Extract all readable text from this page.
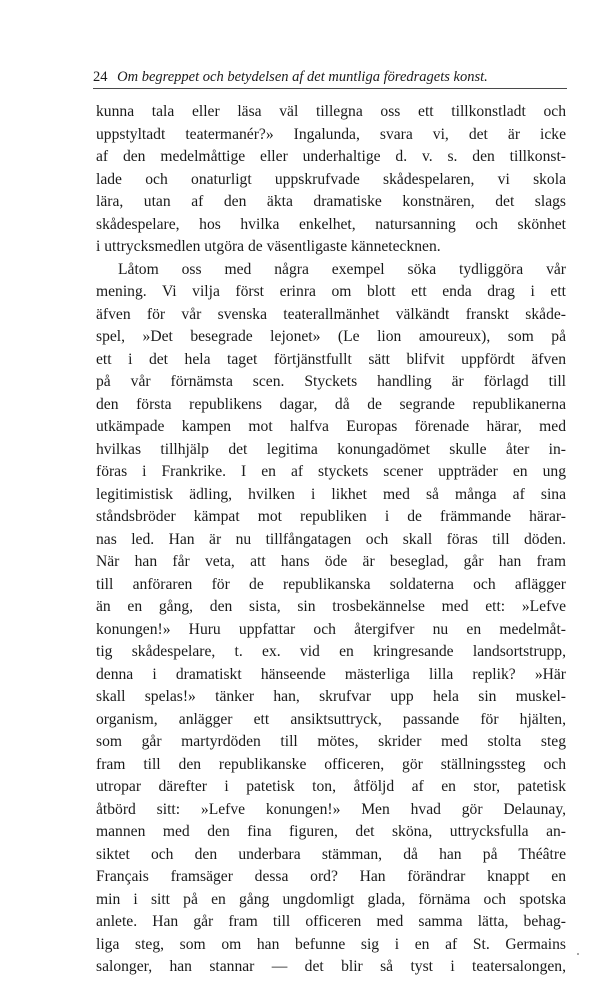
24 Om begreppet och betydelsen af det muntliga föredragets konst.
kunna tala eller läsa väl tillegna oss ett tillkonstladt och
uppstyltadt teatermanér?» Ingalunda, svara vi, det är icke
af den medelmåttige eller underhaltige d. v. s. den tillkonst-
lade och onaturligt uppskrufvade skådespelaren, vi skola
lära, utan af den äkta dramatiske konstnären, det slags
skådespelare, hos hvilka enkelhet, natursanning och skönhet
i uttrycksmedlen utgöra de väsentligaste kännetecknen.
Låtom oss med några exempel söka tydliggöra vår
mening. Vi vilja först erinra om blott ett enda drag i ett
äfven för vår svenska teaterallmänhet välkändt franskt skåde-
spel, »Det besegrade lejonet» (Le lion amoureux), som på
ett i det hela taget förtjänstfullt sätt blifvit uppfördt äfven
på vår förnämsta scen. Styckets handling är förlagd till
den första republikens dagar, då de segrande republikanerna
utkämpade kampen mot halfva Europas förenade härar, med
hvilkas tillhjälp det legitima konungadömet skulle åter in-
föras i Frankrike. I en af styckets scener uppträder en ung
legitimistisk ädling, hvilken i likhet med så många af sina
ståndsbröder kämpat mot republiken i de främmande härar-
nas led. Han är nu tillfångatagen och skall föras till döden.
När han får veta, att hans öde är beseglad, går han fram
till anföraren för de republikanska soldaterna och aflägger
än en gång, den sista, sin trosbekännelse med ett: »Lefve
konungen!» Huru uppfattar och återgifver nu en medelmåt-
tig skådespelare, t. ex. vid en kringresande landsortstrupp,
denna i dramatiskt hänseende mästerliga lilla replik? »Här
skall spelas!» tänker han, skrufvar upp hela sin muskel-
organism, anlägger ett ansiktsuttryck, passande för hjälten,
som går martyrdöden till mötes, skrider med stolta steg
fram till den republikanske officeren, gör ställningssteg och
utropar därefter i patetisk ton, åtföljd af en stor, patetisk
åtbörd sitt: »Lefve konungen!» Men hvad gör Delaunay,
mannen med den fina figuren, det sköna, uttrycksfulla an-
siktet och den underbara stämman, då han på Théâtre
Français framsäger dessa ord? Han förändrar knappt en
min i sitt på en gång ungdomligt glada, förnäma och spotska
anlete. Han går fram till officeren med samma lätta, behag-
liga steg, som om han befunne sig i en af St. Germains
salonger, han stannar — det blir så tyst i teatersalongen,
